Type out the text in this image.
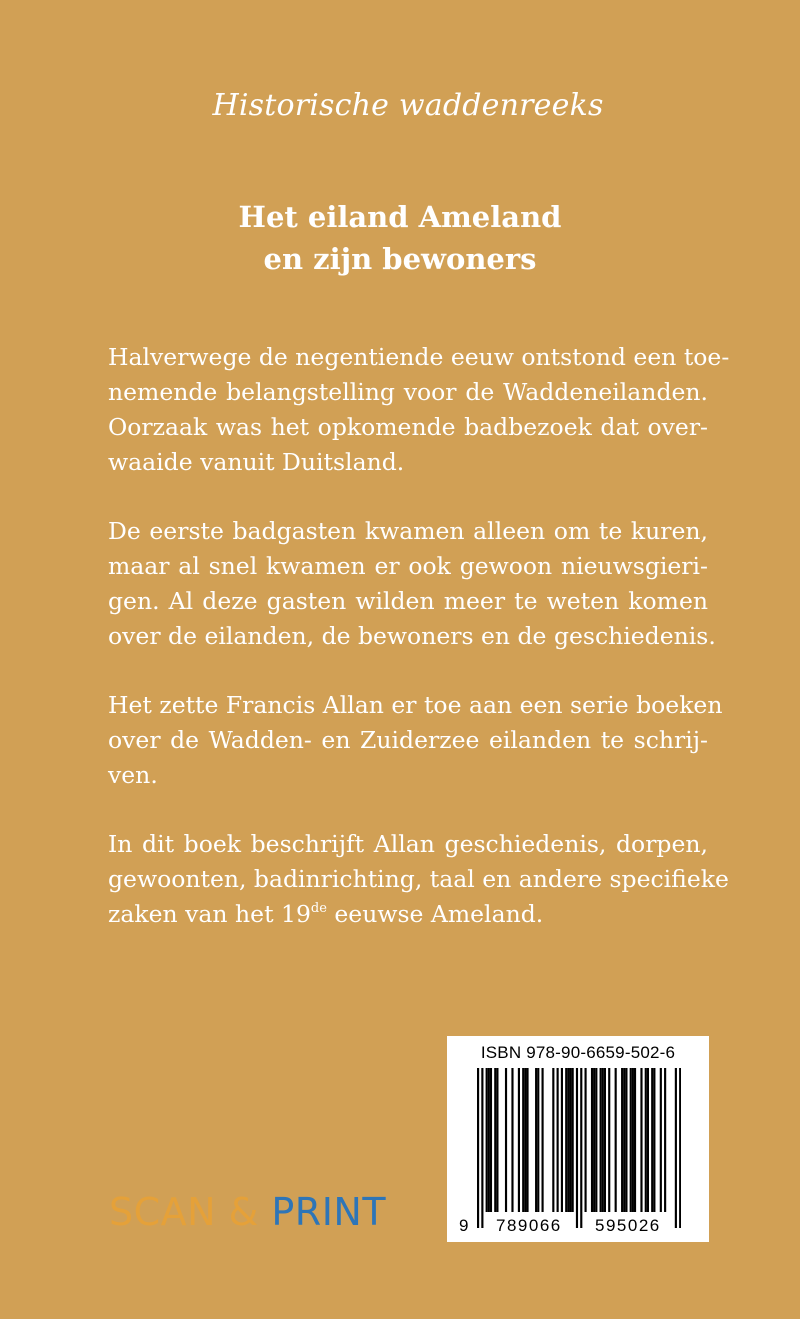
Historische waddenreeks
Het eiland Ameland
en zijn bewoners
Halverwege de negentiende eeuw ontstond een toe-
nemende belangstelling voor de Waddeneilanden.
Oorzaak was het opkomende badbezoek dat over-
waaide vanuit Duitsland.
De eerste badgasten kwamen alleen om te kuren,
maar al snel kwamen er ook gewoon nieuwsgieri-
gen. Al deze gasten wilden meer te weten komen
over de eilanden, de bewoners en de geschiedenis.
Het zette Francis Allan er toe aan een serie boeken
over de Wadden- en Zuiderzee eilanden te schrij-
ven.
In dit boek beschrijft Allan geschiedenis, dorpen,
gewoonten, badinrichting, taal en andere specifieke
zaken van het 19de eeuwse Ameland.
SCAN & PRINT
ISBN 978-90-6659-502-6
9 789066 595026
